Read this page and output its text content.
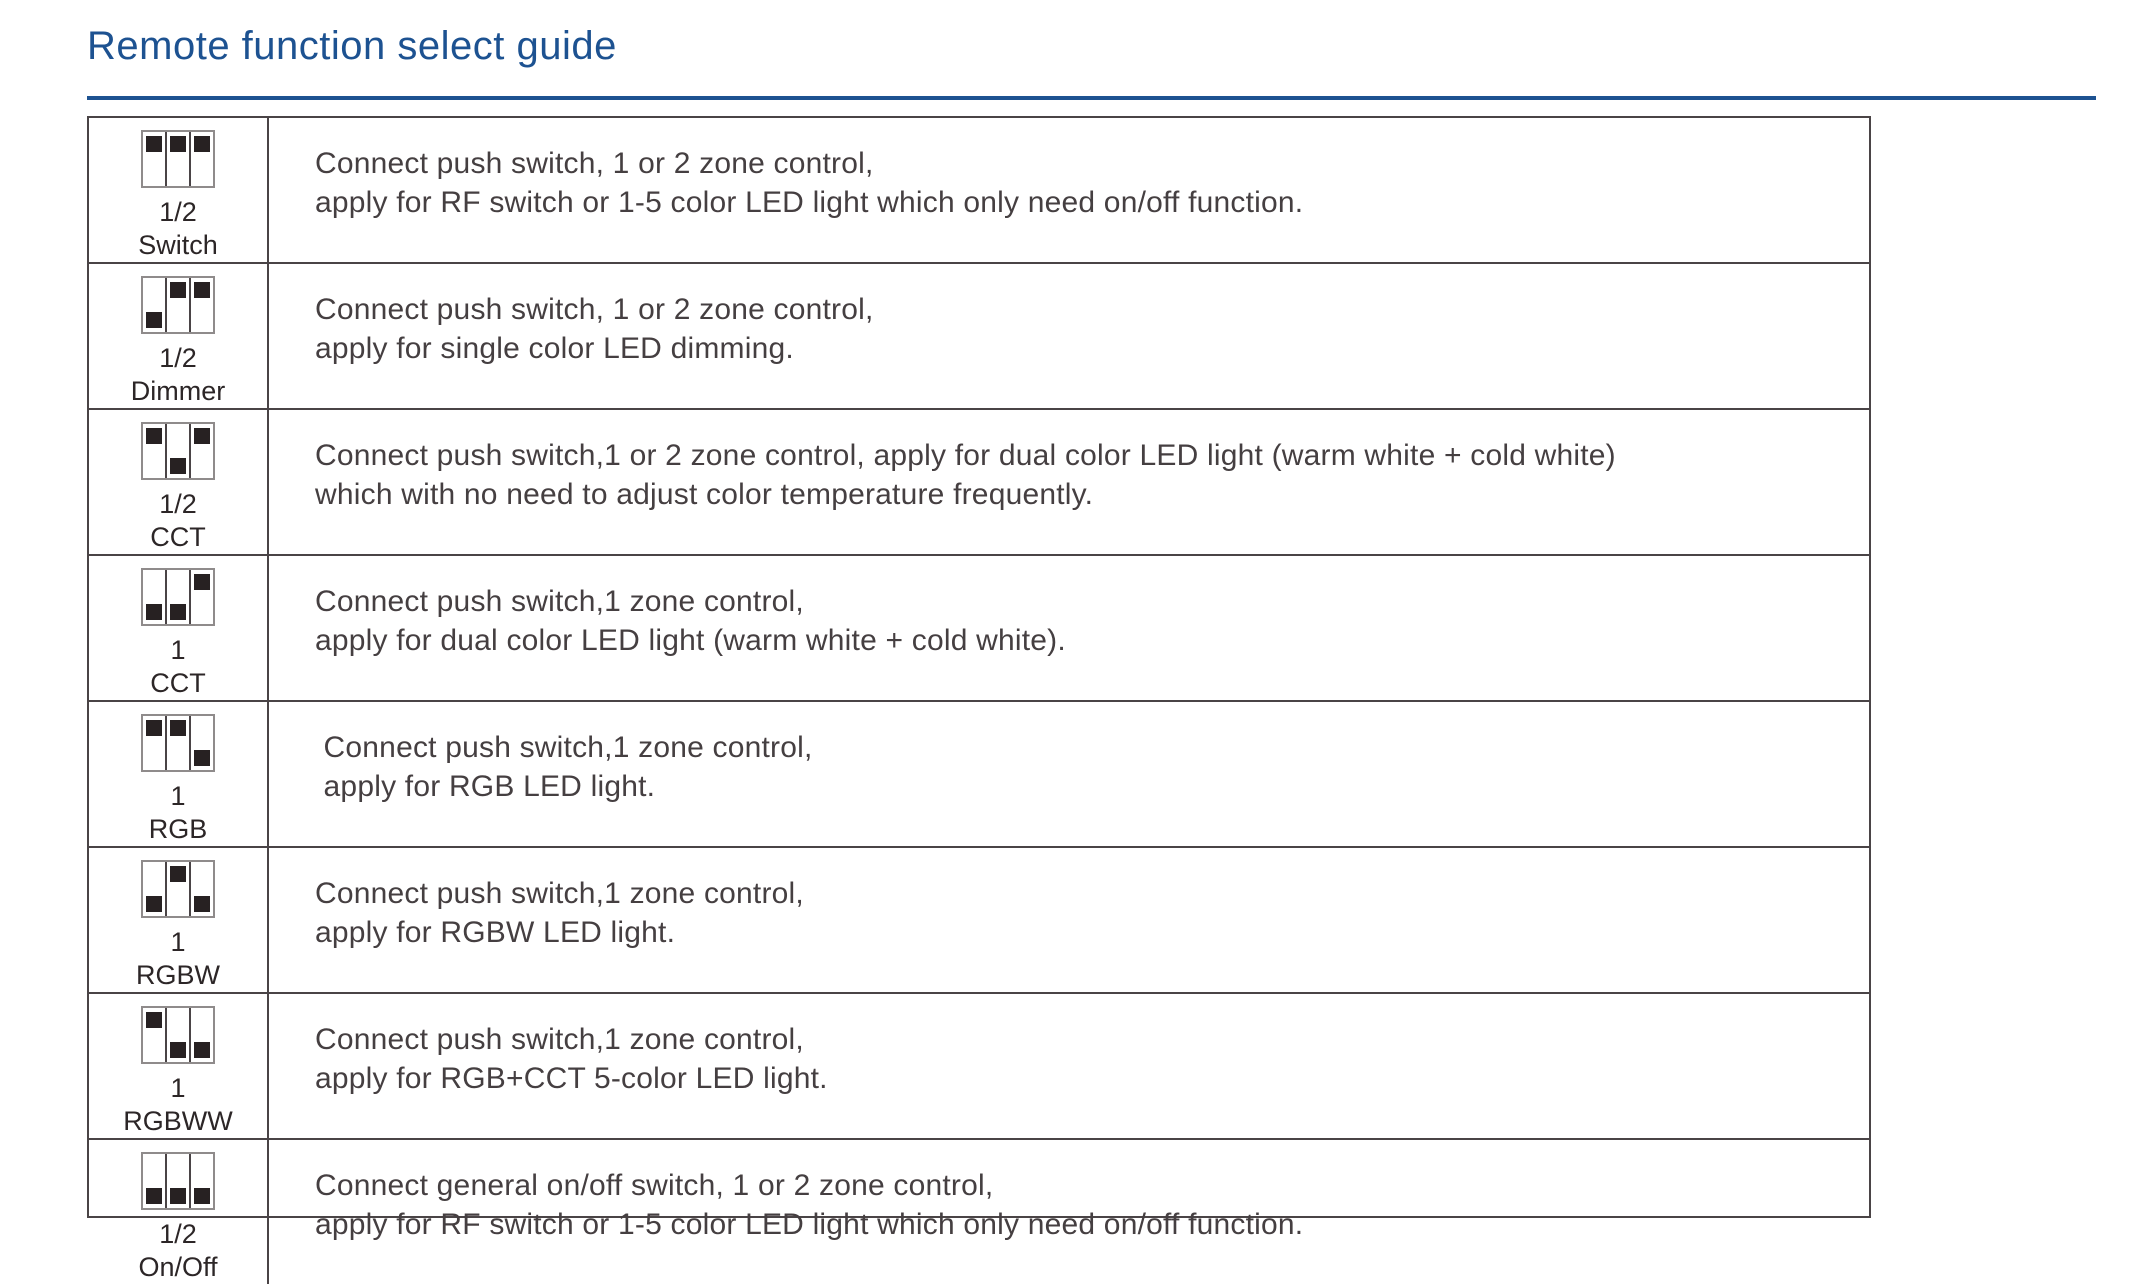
Remote function select guide
1/2
Switch
Connect push switch, 1 or 2 zone control,
apply for RF switch or 1-5 color LED light which only need on/off function.
1/2
Dimmer
Connect push switch, 1 or 2 zone control,
apply for single color LED dimming.
1/2
CCT
Connect push switch,1 or 2 zone control, apply for dual color LED light (warm white + cold white)
which with no need to adjust color temperature frequently.
1
CCT
Connect push switch,1 zone control,
apply for dual color LED light (warm white + cold white).
1
RGB
Connect push switch,1 zone control,
apply for RGB LED light.
1
RGBW
Connect push switch,1 zone control,
apply for RGBW LED light.
1
RGBWW
Connect push switch,1 zone control,
apply for RGB+CCT 5-color LED light.
1/2
On/Off
Connect general on/off switch, 1 or 2 zone control,
apply for RF switch or 1-5 color LED light which only need on/off function.
